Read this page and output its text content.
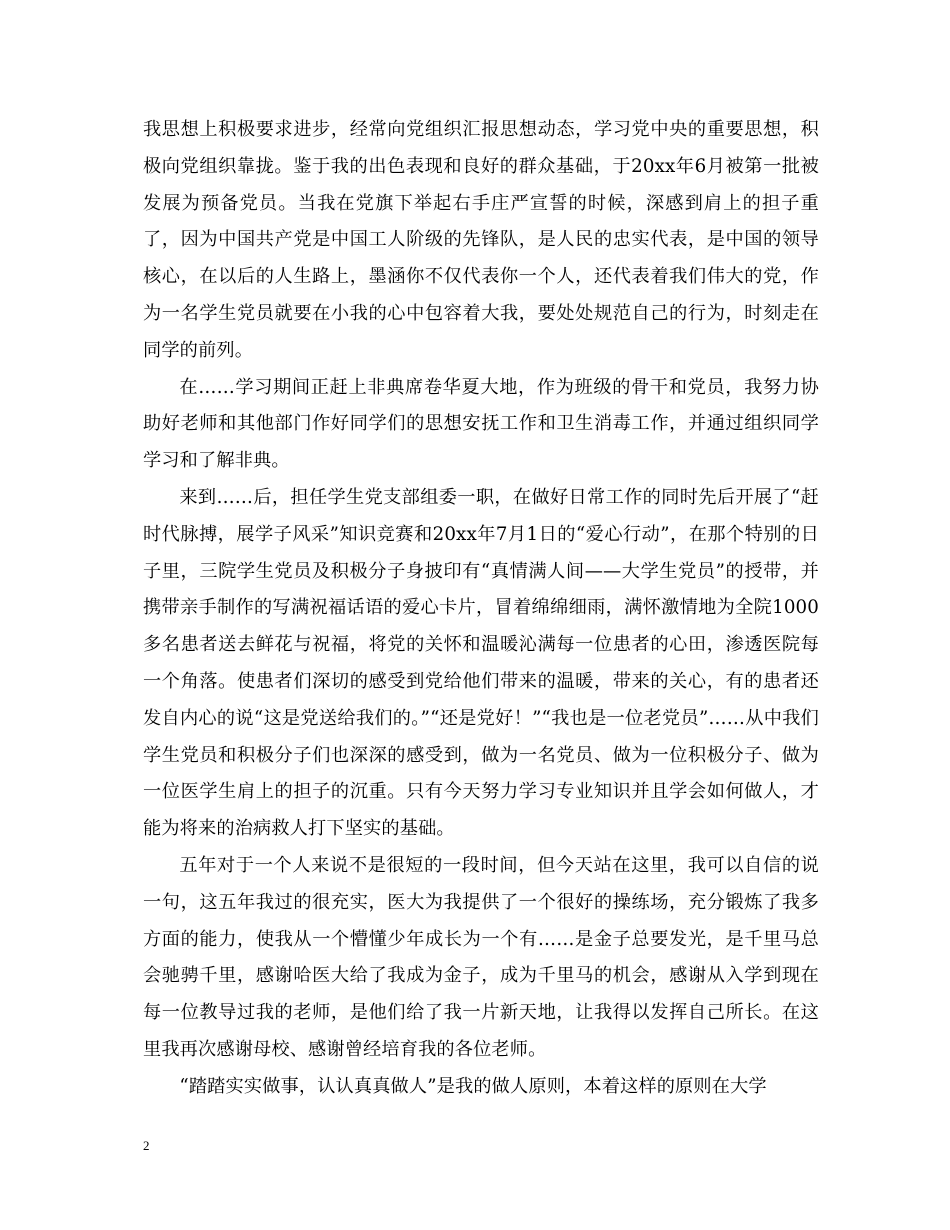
我思想上积极要求进步，经常向党组织汇报思想动态，学习党中央的重要思想，积极向党组织靠拢。鉴于我的出色表现和良好的群众基础，于20xx年6月被第一批被发展为预备党员。当我在党旗下举起右手庄严宣誓的时候，深感到肩上的担子重了，因为中国共产党是中国工人阶级的先锋队，是人民的忠实代表，是中国的领导核心，在以后的人生路上，墨涵你不仅代表你一个人，还代表着我们伟大的党，作为一名学生党员就要在小我的心中包容着大我，要处处规范自己的行为，时刻走在同学的前列。

在……学习期间正赶上非典席卷华夏大地，作为班级的骨干和党员，我努力协助好老师和其他部门作好同学们的思想安抚工作和卫生消毒工作，并通过组织同学学习和了解非典。

来到……后，担任学生党支部组委一职，在做好日常工作的同时先后开展了“赶时代脉搏，展学子风采”知识竞赛和20xx年7月1日的“爱心行动”，在那个特别的日子里，三院学生党员及积极分子身披印有“真情满人间——大学生党员”的授带，并携带亲手制作的写满祝福话语的爱心卡片，冒着绵绵细雨，满怀激情地为全院1000多名患者送去鲜花与祝福，将党的关怀和温暖沁满每一位患者的心田，渗透医院每一个角落。使患者们深切的感受到党给他们带来的温暖，带来的关心，有的患者还发自内心的说“这是党送给我们的。”“还是党好！”“我也是一位老党员”……从中我们学生党员和积极分子们也深深的感受到，做为一名党员、做为一位积极分子、做为一位医学生肩上的担子的沉重。只有今天努力学习专业知识并且学会如何做人，才能为将来的治病救人打下坚实的基础。

五年对于一个人来说不是很短的一段时间，但今天站在这里，我可以自信的说一句，这五年我过的很充实，医大为我提供了一个很好的操练场，充分锻炼了我多方面的能力，使我从一个懵懂少年成长为一个有……是金子总要发光，是千里马总会驰骋千里，感谢哈医大给了我成为金子，成为千里马的机会，感谢从入学到现在每一位教导过我的老师，是他们给了我一片新天地，让我得以发挥自己所长。在这里我再次感谢母校、感谢曾经培育我的各位老师。

“踏踏实实做事，认认真真做人”是我的做人原则，本着这样的原则在大学

2
